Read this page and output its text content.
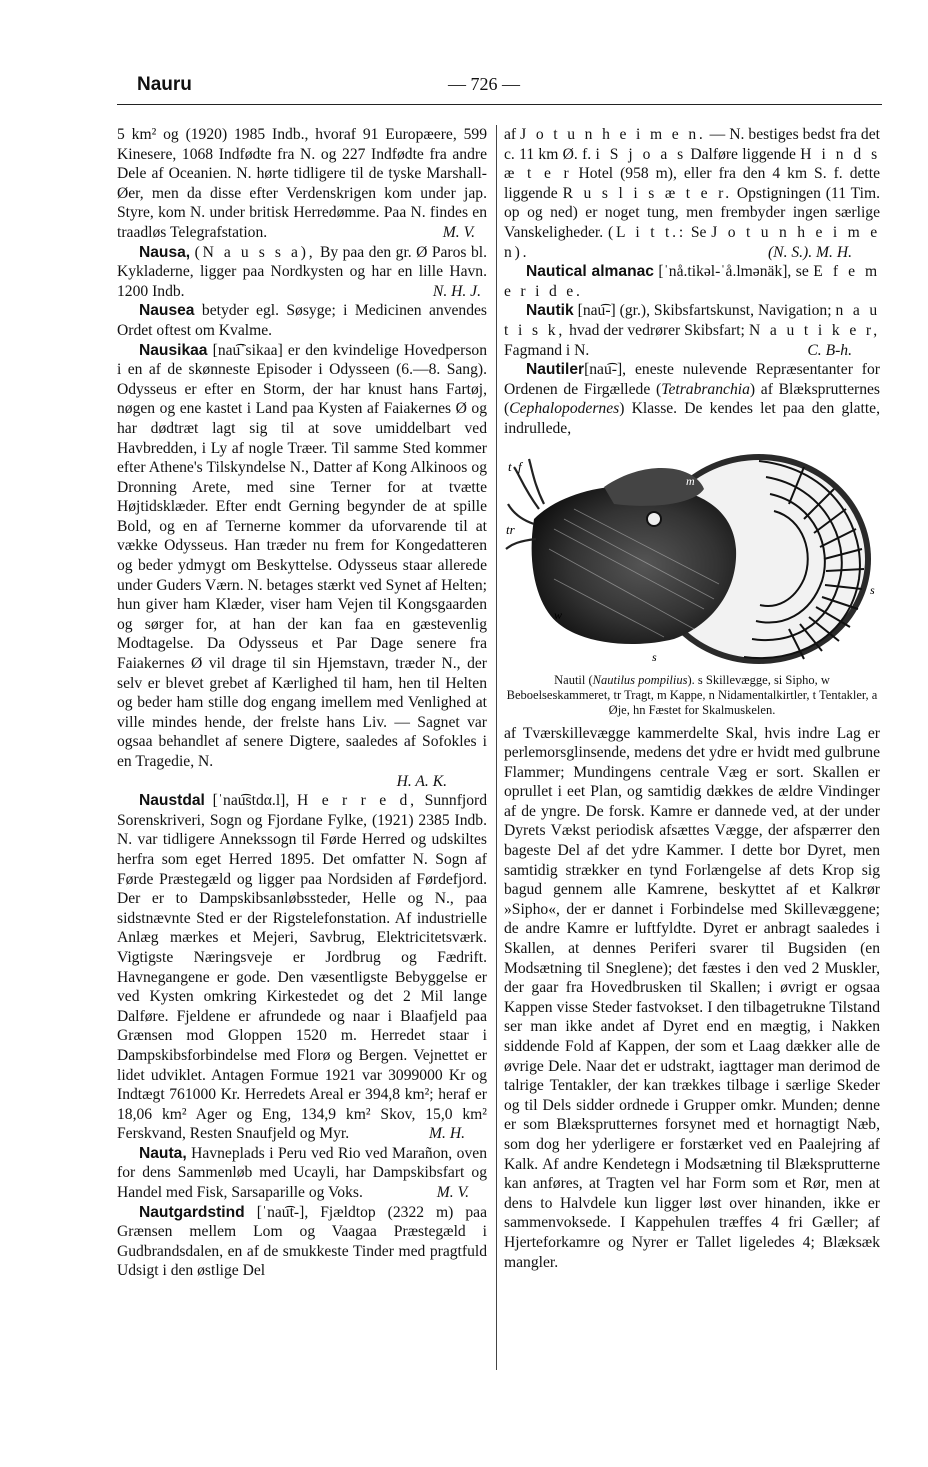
Nauru	— 726 —

5 km² og (1920) 1985 Indb., hvoraf 91 Europæere, 599 Kinesere, 1068 Indfødte fra N. og 227 Indfødte fra andre Dele af Oceanien. N. hørte tidligere til de tyske Marshall-Øer, men da disse efter Verdenskrigen kom under jap. Styre, kom N. under britisk Herredømme. Paa N. findes en traadløs Telegrafstation.	M. V.

Nausa, (N a u s s a), By paa den gr. Ø Paros bl. Kykladerne, ligger paa Nordkysten og har en lille Havn. 1200 Indb.	N. H. J.

Nausea betyder egl. Søsyge; i Medicinen anvendes Ordet oftest om Kvalme.

Nausikaa [nau͡ˈsikaa] er den kvindelige Hovedperson i en af de skønneste Episoder i Odysseen (6.—8. Sang). Odysseus er efter en Storm, der har knust hans Fartøj, nøgen og ene kastet i Land paa Kysten af Faiakernes Ø og har dødtræt lagt sig til at sove umiddelbart ved Havbredden, i Ly af nogle Træer. Til samme Sted kommer efter Athene's Tilskyndelse N., Datter af Kong Alkinoos og Dronning Arete, med sine Terner for at tvætte Højtidsklæder. Efter endt Gerning begynder de at spille Bold, og en af Ternerne kommer da uforvarende til at vække Odysseus. Han træder nu frem for Kongedatteren og beder ydmygt om Beskyttelse. Odysseus staar allerede under Guders Værn. N. betages stærkt ved Synet af Helten; hun giver ham Klæder, viser ham Vejen til Kongsgaarden og sørger for, at han der kan faa en gæstevenlig Modtagelse. Da Odysseus et Par Dage senere fra Faiakernes Ø vil drage til sin Hjemstavn, træder N., der selv er blevet grebet af Kærlighed til ham, hen til Helten og beder ham stille dog engang imellem med Venlighed at ville mindes hende, der frelste hans Liv. — Sagnet var ogsaa behandlet af senere Digtere, saaledes af Sofokles i en Tragedie, N.
H. A. K.

Naustdal [ˈnau͡stdα.l], H e r r e d, Sunnfjord Sorenskriveri, Sogn og Fjordane Fylke, (1921) 2385 Indb. N. var tidligere Annekssogn til Førde Herred og udskiltes herfra som eget Herred 1895. Det omfatter N. Sogn af Førde Præstegæld og ligger paa Nordsiden af Førdefjord. Der er to Dampskibsanløbssteder, Helle og N., paa sidstnævnte Sted er der Rigstelefonstation. Af industrielle Anlæg mærkes et Mejeri, Savbrug, Elektricitetsværk. Vigtigste Næringsveje er Jordbrug og Fædrift. Havnegangene er gode. Den væsentligste Bebyggelse er ved Kysten omkring Kirkestedet og det 2 Mil lange Dalføre. Fjeldene er afrundede og naar i Blaafjeld paa Grænsen mod Gloppen 1520 m. Herredet staar i Dampskibsforbindelse med Florø og Bergen. Vejnettet er lidet udviklet. Antagen Formue 1921 var 3099000 Kr og Indtægt 761000 Kr. Herredets Areal er 394,8 km²; heraf er 18,06 km² Ager og Eng, 134,9 km² Skov, 15,0 km² Ferskvand, Resten Snaufjeld og Myr.	M. H.

Nauta, Havneplads i Peru ved Rio ved Marañon, oven for dens Sammenløb med Ucayli, har Dampskibsfart og Handel med Fisk, Sarsaparille og Voks.	M. V.

Nautgardstind [ˈnau͡t-], Fjældtop (2322 m) paa Grænsen mellem Lom og Vaagaa Præstegæld i Gudbrandsdalen, en af de smukkeste Tinder med pragtfuld Udsigt i den østlige Del

af J o t u n h e i m e n. — N. bestiges bedst fra det c. 11 km Ø. f. i S j o a s Dalføre liggende H i n d s æ t e r Hotel (958 m), eller fra den 4 km S. f. dette liggende R u s l i s æ t e r. Opstigningen (11 Tim. op og ned) er noget tung, men frembyder ingen særlige Vanskeligheder. (L i t t.: Se J o t u n h e i m e n).	(N. S.). M. H.

Nautical almanac [ˈnå.tikəl-ˈå.lmənäk], se E f e m e r i d e.

Nautik [nau͡-] (gr.), Skibsfartskunst, Navigation; n a u t i s k, hvad der vedrører Skibsfart; N a u t i k e r, Fagmand i N.	C. B-h.

Nautiler[nau͡-], eneste nulevende Repræsentanter for Ordenen de Firgællede (Tetrabranchia) af Blæksprutternes (Cephalopodernes) Klasse. De kendes let paa den glatte, indrullede,

t f
tr
m
w
s
s
Nautil (Nautilus pompilius). s Skillevægge, si Sipho, w Beboelseskammeret, tr Tragt, m Kappe, n Nidamentalkirtler, t Tentakler, a Øje, hn Fæstet for Skalmuskelen.

af Tværskillevægge kammerdelte Skal, hvis indre Lag er perlemorsglinsende, medens det ydre er hvidt med gulbrune Flammer; Mundingens centrale Væg er sort. Skallen er oprullet i eet Plan, og samtidig dækkes de ældre Vindinger af de yngre. De forsk. Kamre er dannede ved, at der under Dyrets Vækst periodisk afsættes Vægge, der afspærrer den bageste Del af det ydre Kammer. I dette bor Dyret, men samtidig strækker en tynd Forlængelse af dets Krop sig bagud gennem alle Kamrene, beskyttet af et Kalkrør »Sipho«, der er dannet i Forbindelse med Skillevæggene; de andre Kamre er luftfyldte. Dyret er anbragt saaledes i Skallen, at dennes Periferi svarer til Bugsiden (en Modsætning til Sneglene); det fæstes i den ved 2 Muskler, der gaar fra Hovedbrusken til Skallen; i øvrigt er ogsaa Kappen visse Steder fastvokset. I den tilbagetrukne Tilstand ser man ikke andet af Dyret end en mægtig, i Nakken siddende Fold af Kappen, der som et Laag dækker alle de øvrige Dele. Naar det er udstrakt, iagttager man derimod de talrige Tentakler, der kan trækkes tilbage i særlige Skeder og til Dels sidder ordnede i Grupper omkr. Munden; denne er som Blæksprutternes forsynet med et hornagtigt Næb, som dog her yderligere er forstærket ved en Paalejring af Kalk. Af andre Kendetegn i Modsætning til Blæksprutterne kan anføres, at Tragten vel har Form som et Rør, men at dens to Halvdele kun ligger løst over hinanden, ikke er sammenvoksede. I Kappehulen træffes 4 fri Gæller; af Hjerteforkamre og Nyrer er Tallet ligeledes 4; Blæksæk mangler.
